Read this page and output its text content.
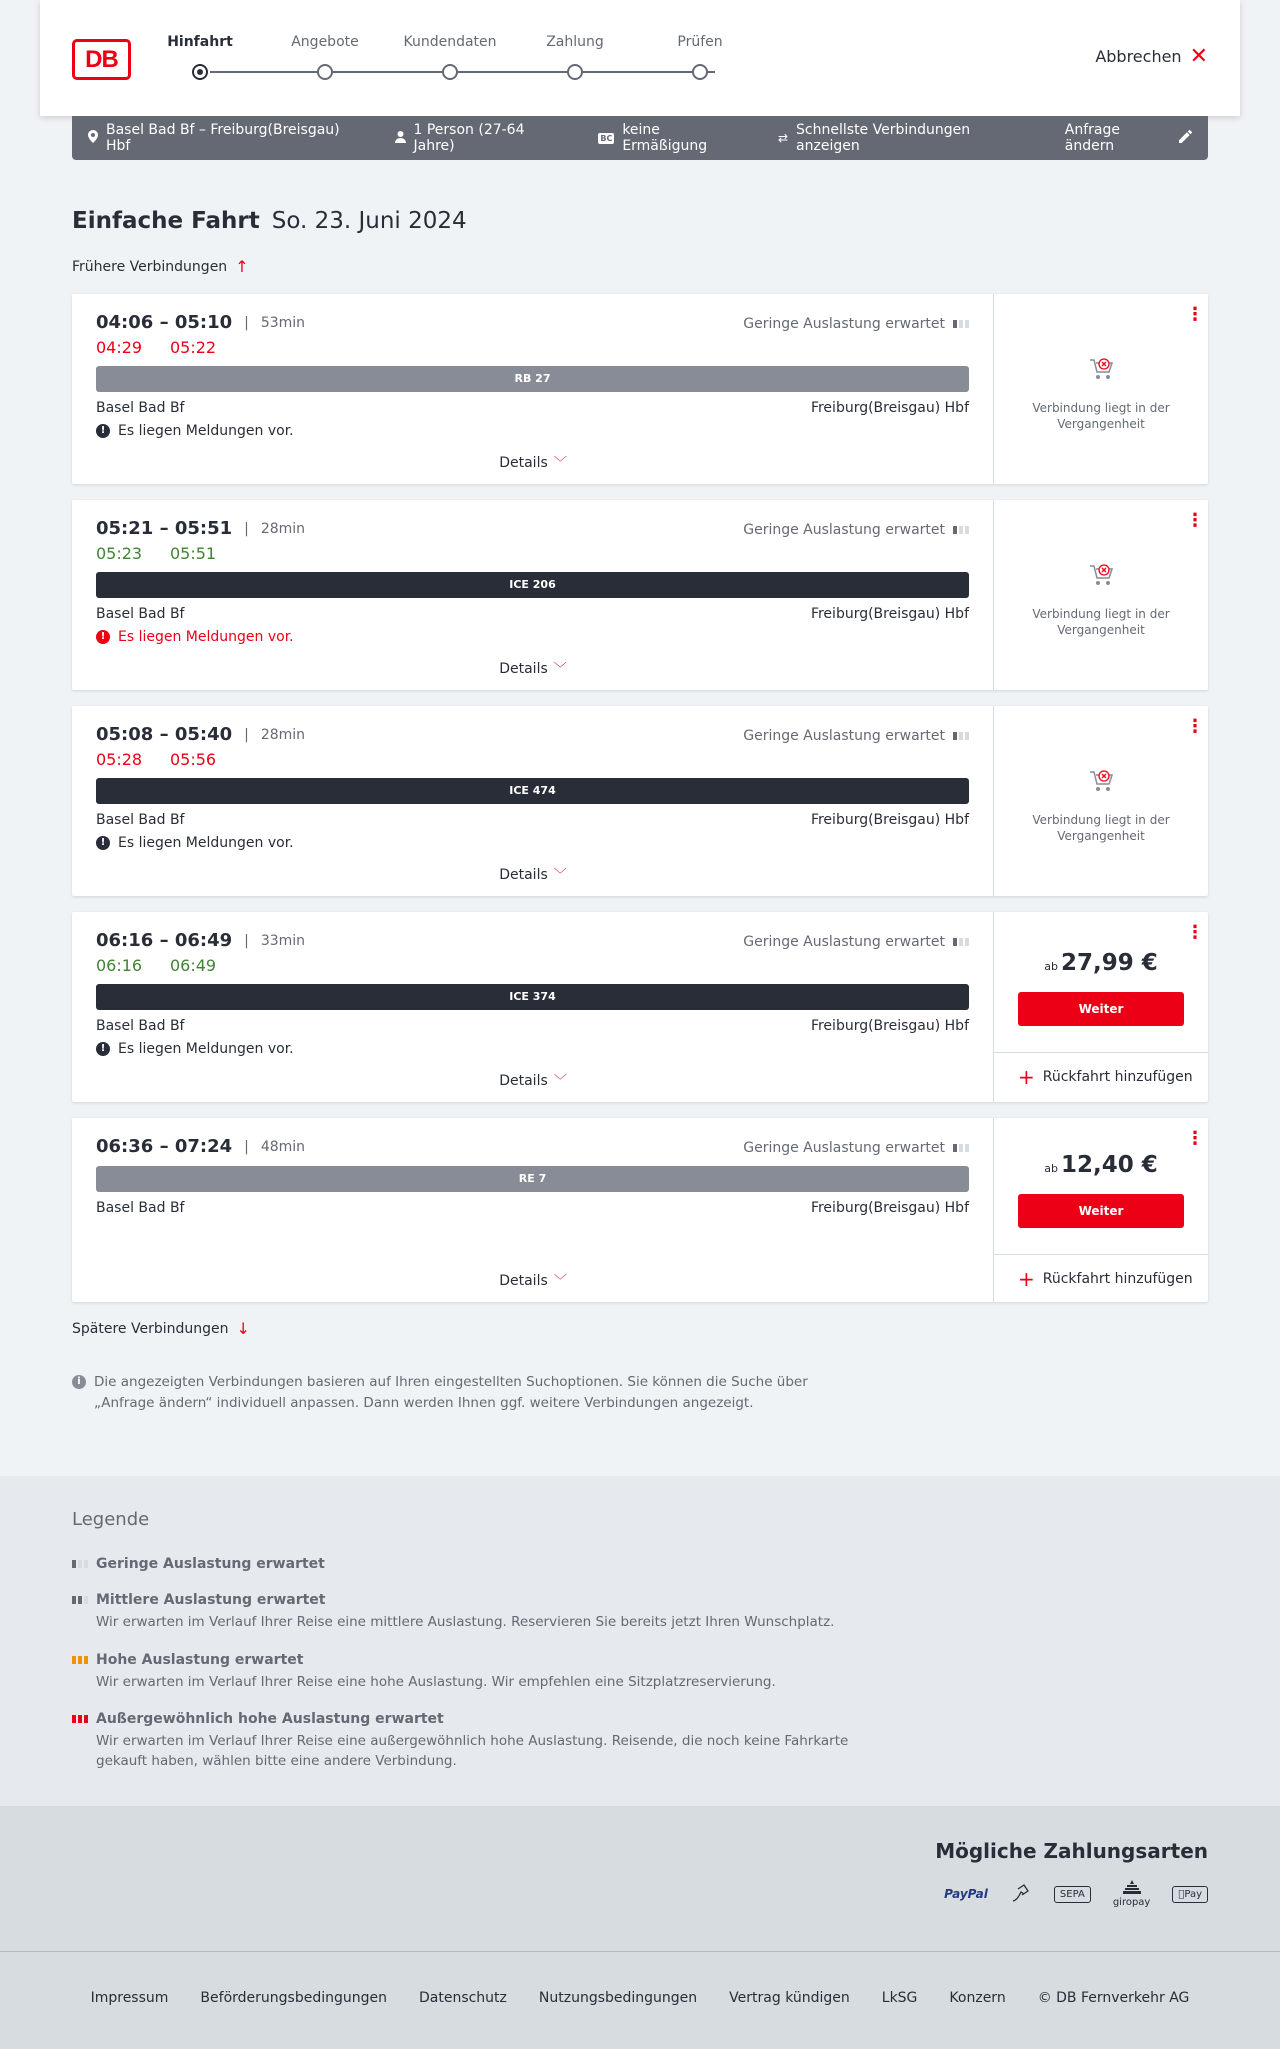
DB
Hinfahrt	Angebote	Kundendaten	Zahlung	Prüfen
Abbrechen ✕
Basel Bad Bf – Freiburg(Breisgau) Hbf
1 Person (27-64 Jahre)	BC keine Ermäßigung	⇄ Schnellste Verbindungen anzeigen
Anfrage ändern
Einfache Fahrt So. 23. Juni 2024
Frühere Verbindungen ↑
04:06 – 05:10 | 53min
04:29 05:22
Geringe Auslastung erwartet
RB 27
Basel Bad Bf	Freiburg(Breisgau) Hbf
! Es liegen Meldungen vor.
Details ﹀
⋮
Verbindung liegt in der Vergangenheit
05:21 – 05:51 | 28min
05:23 05:51
Geringe Auslastung erwartet
ICE 206
Basel Bad Bf	Freiburg(Breisgau) Hbf
! Es liegen Meldungen vor.
Details ﹀
⋮
Verbindung liegt in der Vergangenheit
05:08 – 05:40 | 28min
05:28 05:56
Geringe Auslastung erwartet
ICE 474
Basel Bad Bf	Freiburg(Breisgau) Hbf
! Es liegen Meldungen vor.
Details ﹀
⋮
Verbindung liegt in der Vergangenheit
06:16 – 06:49 | 33min
06:16 06:49
Geringe Auslastung erwartet
ICE 374
Basel Bad Bf	Freiburg(Breisgau) Hbf
! Es liegen Meldungen vor.
Details ﹀
⋮
ab 27,99 €
Weiter
+ Rückfahrt hinzufügen
06:36 – 07:24 | 48min	Geringe Auslastung erwartet
RE 7
Basel Bad Bf	Freiburg(Breisgau) Hbf
Details ﹀
⋮
ab 12,40 €
Weiter
+ Rückfahrt hinzufügen
Spätere Verbindungen ↓
i Die angezeigten Verbindungen basieren auf Ihren eingestellten Suchoptionen. Sie können die Suche über „Anfrage ändern“ individuell anpassen. Dann werden Ihnen ggf. weitere Verbindungen angezeigt.
Legende
Geringe Auslastung erwartet
Mittlere Auslastung erwartet
Wir erwarten im Verlauf Ihrer Reise eine mittlere Auslastung. Reservieren Sie bereits jetzt Ihren Wunschplatz.
Hohe Auslastung erwartet
Wir erwarten im Verlauf Ihrer Reise eine hohe Auslastung. Wir empfehlen eine Sitzplatzreservierung.
Außergewöhnlich hohe Auslastung erwartet
Wir erwarten im Verlauf Ihrer Reise eine außergewöhnlich hohe Auslastung. Reisende, die noch keine Fahrkarte gekauft haben, wählen bitte eine andere Verbindung.
Mögliche Zahlungsarten
PayPal	SEPA
giropay
Pay
Impressum Beförderungsbedingungen Datenschutz Nutzungsbedingungen Vertrag kündigen LkSG Konzern © DB Fernverkehr AG
